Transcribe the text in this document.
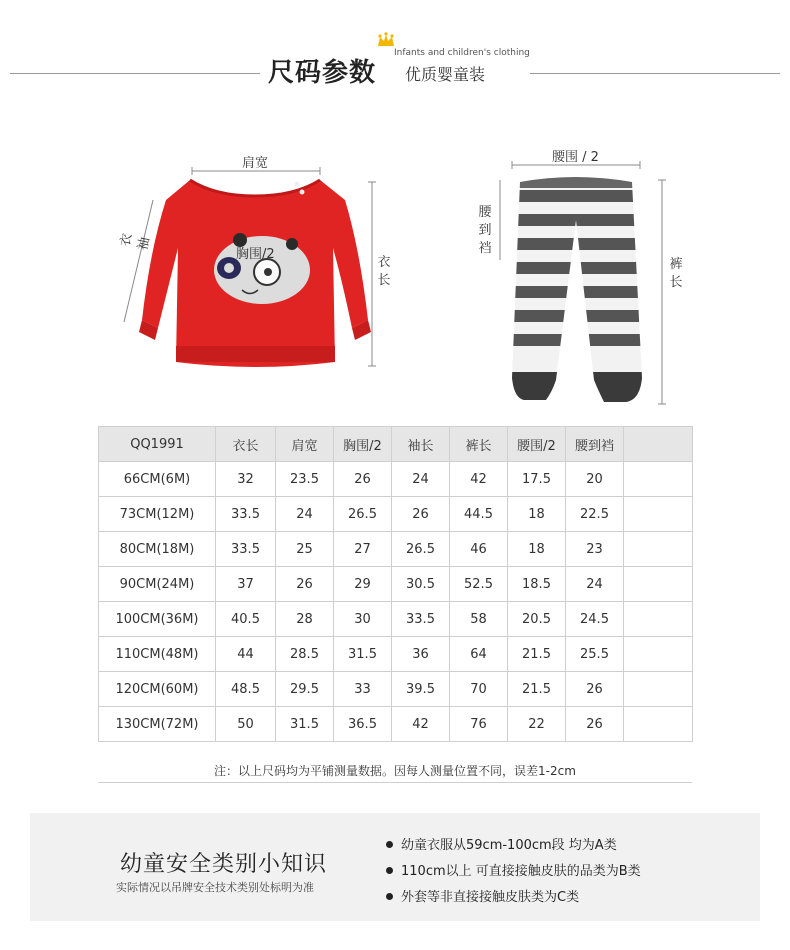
尺码参数
Infants and children's clothing
优质婴童装
肩宽
衣袖
胸围/2
衣长
腰围 / 2
腰到裆
裤长
QQ1991	衣长	肩宽	胸围/2	袖长	裤长	腰围/2	腰到裆	
66CM(6M)	32	23.5	26	24	42	17.5	20	
73CM(12M)	33.5	24	26.5	26	44.5	18	22.5	
80CM(18M)	33.5	25	27	26.5	46	18	23	
90CM(24M)	37	26	29	30.5	52.5	18.5	24	
100CM(36M)	40.5	28	30	33.5	58	20.5	24.5	
110CM(48M)	44	28.5	31.5	36	64	21.5	25.5	
120CM(60M)	48.5	29.5	33	39.5	70	21.5	26	
130CM(72M)	50	31.5	36.5	42	76	22	26	
注：以上尺码均为平铺测量数据。因每人测量位置不同，误差1-2cm
幼童安全类别小知识
实际情况以吊牌安全技术类别处标明为准
幼童衣服从59cm-100cm段 均为A类
110cm以上 可直接接触皮肤的品类为B类
外套等非直接接触皮肤类为C类
